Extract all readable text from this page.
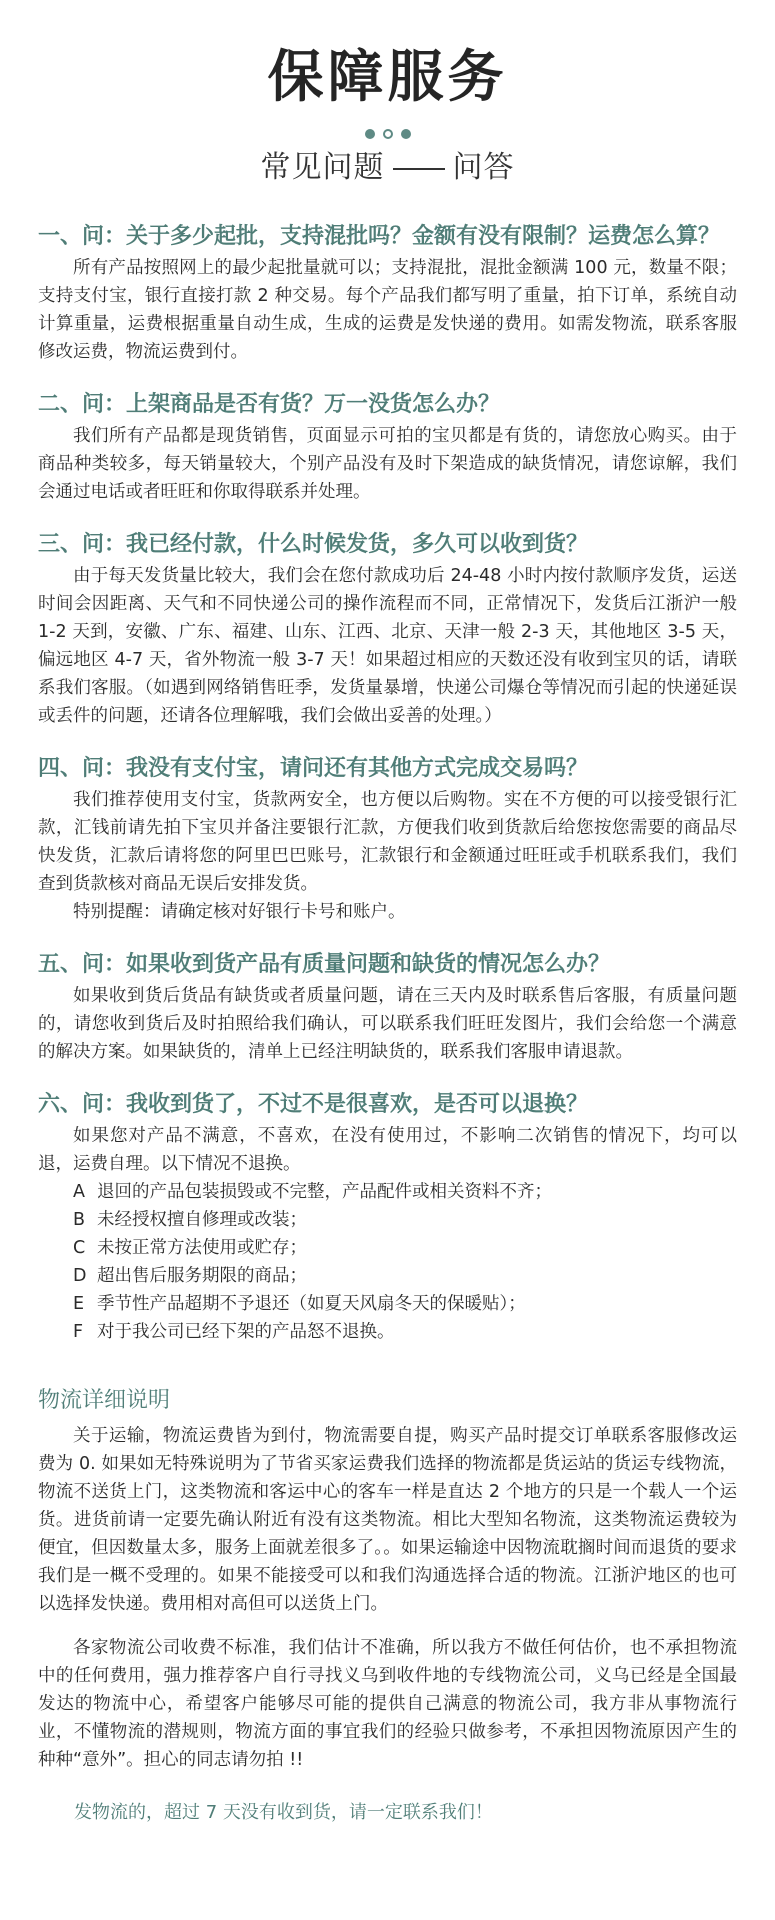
保障服务
常见问题 问答
一、问：关于多少起批，支持混批吗？金额有没有限制？运费怎么算？

所有产品按照网上的最少起批量就可以；支持混批，混批金额满 100 元，数量不限；支持支付宝，银行直接打款 2 种交易。每个产品我们都写明了重量，拍下订单，系统自动计算重量，运费根据重量自动生成，生成的运费是发快递的费用。如需发物流，联系客服修改运费，物流运费到付。

二、问：上架商品是否有货？万一没货怎么办？

我们所有产品都是现货销售，页面显示可拍的宝贝都是有货的，请您放心购买。由于商品种类较多，每天销量较大，个别产品没有及时下架造成的缺货情况，请您谅解，我们会通过电话或者旺旺和你取得联系并处理。

三、问：我已经付款，什么时候发货，多久可以收到货？

由于每天发货量比较大，我们会在您付款成功后 24-48 小时内按付款顺序发货，运送时间会因距离、天气和不同快递公司的操作流程而不同，正常情况下，发货后江浙沪一般 1-2 天到，安徽、广东、福建、山东、江西、北京、天津一般 2-3 天，其他地区 3-5 天，偏远地区 4-7 天，省外物流一般 3-7 天！如果超过相应的天数还没有收到宝贝的话，请联系我们客服。（如遇到网络销售旺季，发货量暴增，快递公司爆仓等情况而引起的快递延误或丢件的问题，还请各位理解哦，我们会做出妥善的处理。）

四、问：我没有支付宝，请问还有其他方式完成交易吗？

我们推荐使用支付宝，货款两安全，也方便以后购物。实在不方便的可以接受银行汇款，汇钱前请先拍下宝贝并备注要银行汇款，方便我们收到货款后给您按您需要的商品尽快发货，汇款后请将您的阿里巴巴账号，汇款银行和金额通过旺旺或手机联系我们，我们查到货款核对商品无误后安排发货。

特别提醒：请确定核对好银行卡号和账户。

五、问：如果收到货产品有质量问题和缺货的情况怎么办？

如果收到货后货品有缺货或者质量问题，请在三天内及时联系售后客服，有质量问题的，请您收到货后及时拍照给我们确认，可以联系我们旺旺发图片，我们会给您一个满意的解决方案。如果缺货的，清单上已经注明缺货的，联系我们客服申请退款。

六、问：我收到货了，不过不是很喜欢，是否可以退换？

如果您对产品不满意，不喜欢，在没有使用过，不影响二次销售的情况下，均可以退，运费自理。以下情况不退换。

A 退回的产品包装损毁或不完整，产品配件或相关资料不齐；
B 未经授权擅自修理或改装；
C 未按正常方法使用或贮存；
D 超出售后服务期限的商品；
E 季节性产品超期不予退还（如夏天风扇冬天的保暖贴）；
F 对于我公司已经下架的产品怒不退换。
物流详细说明

关于运输，物流运费皆为到付，物流需要自提，购买产品时提交订单联系客服修改运费为 0. 如果如无特殊说明为了节省买家运费我们选择的物流都是货运站的货运专线物流，物流不送货上门，这类物流和客运中心的客车一样是直达 2 个地方的只是一个载人一个运货。进货前请一定要先确认附近有没有这类物流。相比大型知名物流，这类物流运费较为便宜，但因数量太多，服务上面就差很多了。。如果运输途中因物流耽搁时间而退货的要求我们是一概不受理的。如果不能接受可以和我们沟通选择合适的物流。江浙沪地区的也可以选择发快递。费用相对高但可以送货上门。

各家物流公司收费不标准，我们估计不准确，所以我方不做任何估价，也不承担物流中的任何费用，强力推荐客户自行寻找义乌到收件地的专线物流公司，义乌已经是全国最发达的物流中心，希望客户能够尽可能的提供自己满意的物流公司，我方非从事物流行业，不懂物流的潜规则，物流方面的事宜我们的经验只做参考，不承担因物流原因产生的种种“意外”。担心的同志请勿拍 !!

发物流的，超过 7 天没有收到货，请一定联系我们！
